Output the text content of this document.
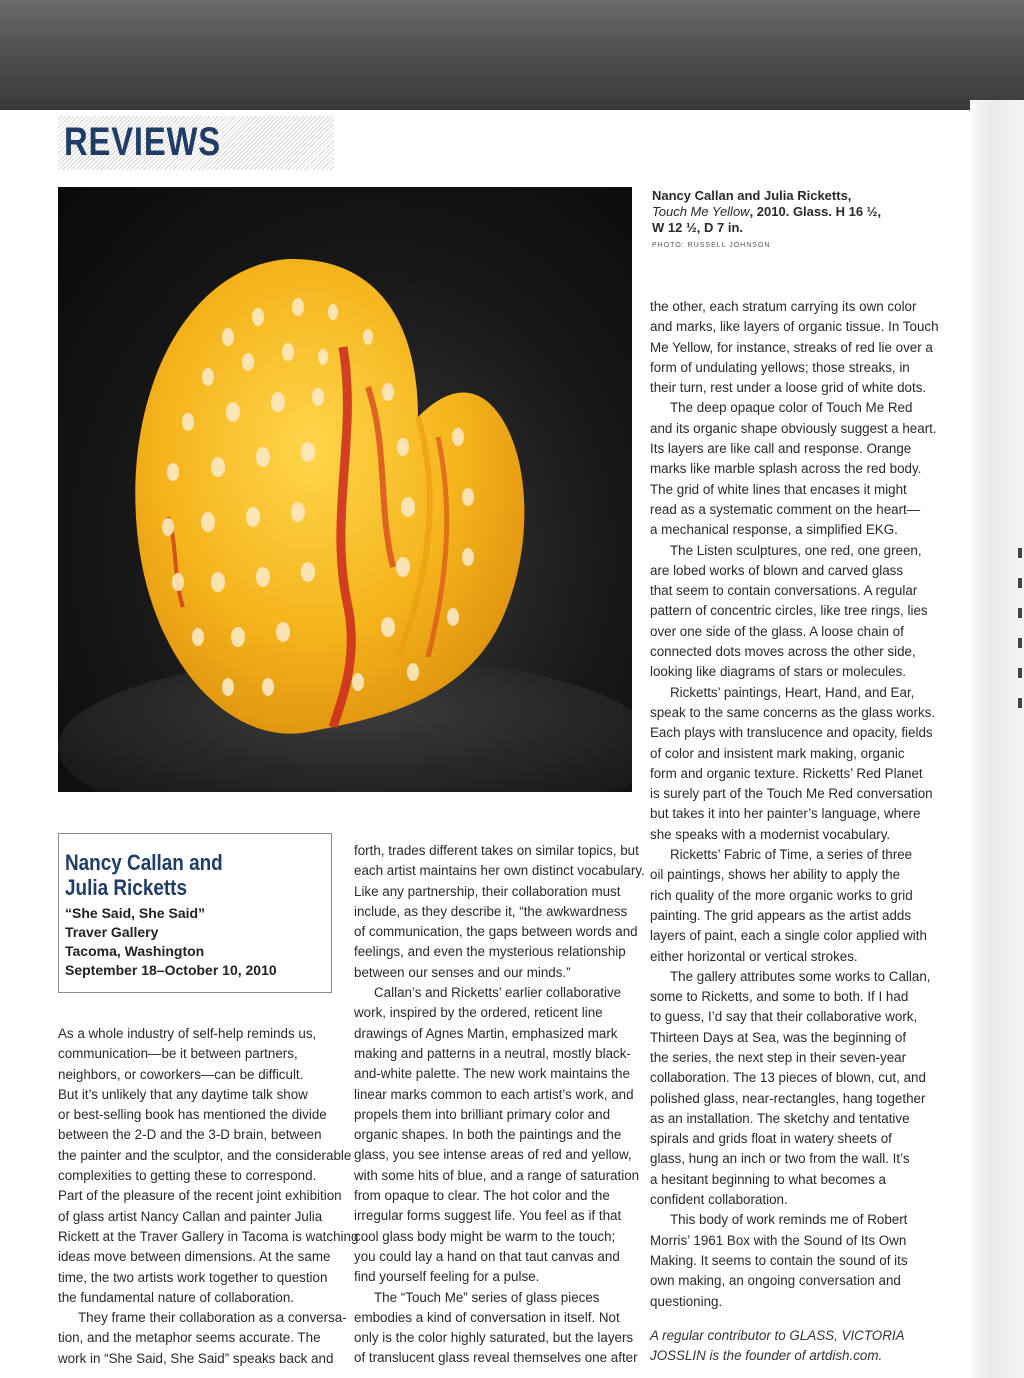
REVIEWS
Nancy Callan and Julia Ricketts,
Touch Me Yellow, 2010. Glass. H 16 ½,
W 12 ½, D 7 in.
PHOTO: RUSSELL JOHNSON
Nancy Callan and
Julia Ricketts
“She Said, She Said”
Traver Gallery
Tacoma, Washington
September 18–October 10, 2010
As a whole industry of self-help reminds us,
communication—be it between partners,
neighbors, or coworkers—can be difficult.
But it’s unlikely that any daytime talk show
or best-selling book has mentioned the divide
between the 2-D and the 3-D brain, between
the painter and the sculptor, and the considerable
complexities to getting these to correspond.
Part of the pleasure of the recent joint exhibition
of glass artist Nancy Callan and painter Julia
Rickett at the Traver Gallery in Tacoma is watching
ideas move between dimensions. At the same
time, the two artists work together to question
the fundamental nature of collaboration.
They frame their collaboration as a conversa-
tion, and the metaphor seems accurate. The
work in “She Said, She Said” speaks back and
forth, trades different takes on similar topics, but
each artist maintains her own distinct vocabulary.
Like any partnership, their collaboration must
include, as they describe it, “the awkwardness
of communication, the gaps between words and
feelings, and even the mysterious relationship
between our senses and our minds.”
Callan’s and Ricketts’ earlier collaborative
work, inspired by the ordered, reticent line
drawings of Agnes Martin, emphasized mark
making and patterns in a neutral, mostly black-
and-white palette. The new work maintains the
linear marks common to each artist’s work, and
propels them into brilliant primary color and
organic shapes. In both the paintings and the
glass, you see intense areas of red and yellow,
with some hits of blue, and a range of saturation
from opaque to clear. The hot color and the
irregular forms suggest life. You feel as if that
cool glass body might be warm to the touch;
you could lay a hand on that taut canvas and
find yourself feeling for a pulse.
The “Touch Me” series of glass pieces
embodies a kind of conversation in itself. Not
only is the color highly saturated, but the layers
of translucent glass reveal themselves one after
the other, each stratum carrying its own color
and marks, like layers of organic tissue. In Touch
Me Yellow, for instance, streaks of red lie over a
form of undulating yellows; those streaks, in
their turn, rest under a loose grid of white dots.
The deep opaque color of Touch Me Red
and its organic shape obviously suggest a heart.
Its layers are like call and response. Orange
marks like marble splash across the red body.
The grid of white lines that encases it might
read as a systematic comment on the heart—
a mechanical response, a simplified EKG.
The Listen sculptures, one red, one green,
are lobed works of blown and carved glass
that seem to contain conversations. A regular
pattern of concentric circles, like tree rings, lies
over one side of the glass. A loose chain of
connected dots moves across the other side,
looking like diagrams of stars or molecules.
Ricketts’ paintings, Heart, Hand, and Ear,
speak to the same concerns as the glass works.
Each plays with translucence and opacity, fields
of color and insistent mark making, organic
form and organic texture. Ricketts’ Red Planet
is surely part of the Touch Me Red conversation
but takes it into her painter’s language, where
she speaks with a modernist vocabulary.
Ricketts’ Fabric of Time, a series of three
oil paintings, shows her ability to apply the
rich quality of the more organic works to grid
painting. The grid appears as the artist adds
layers of paint, each a single color applied with
either horizontal or vertical strokes.
The gallery attributes some works to Callan,
some to Ricketts, and some to both. If I had
to guess, I’d say that their collaborative work,
Thirteen Days at Sea, was the beginning of
the series, the next step in their seven-year
collaboration. The 13 pieces of blown, cut, and
polished glass, near-rectangles, hang together
as an installation. The sketchy and tentative
spirals and grids float in watery sheets of
glass, hung an inch or two from the wall. It’s
a hesitant beginning to what becomes a
confident collaboration.
This body of work reminds me of Robert
Morris’ 1961 Box with the Sound of Its Own
Making. It seems to contain the sound of its
own making, an ongoing conversation and
questioning.
A regular contributor to GLASS, VICTORIA
JOSSLIN is the founder of artdish.com.
